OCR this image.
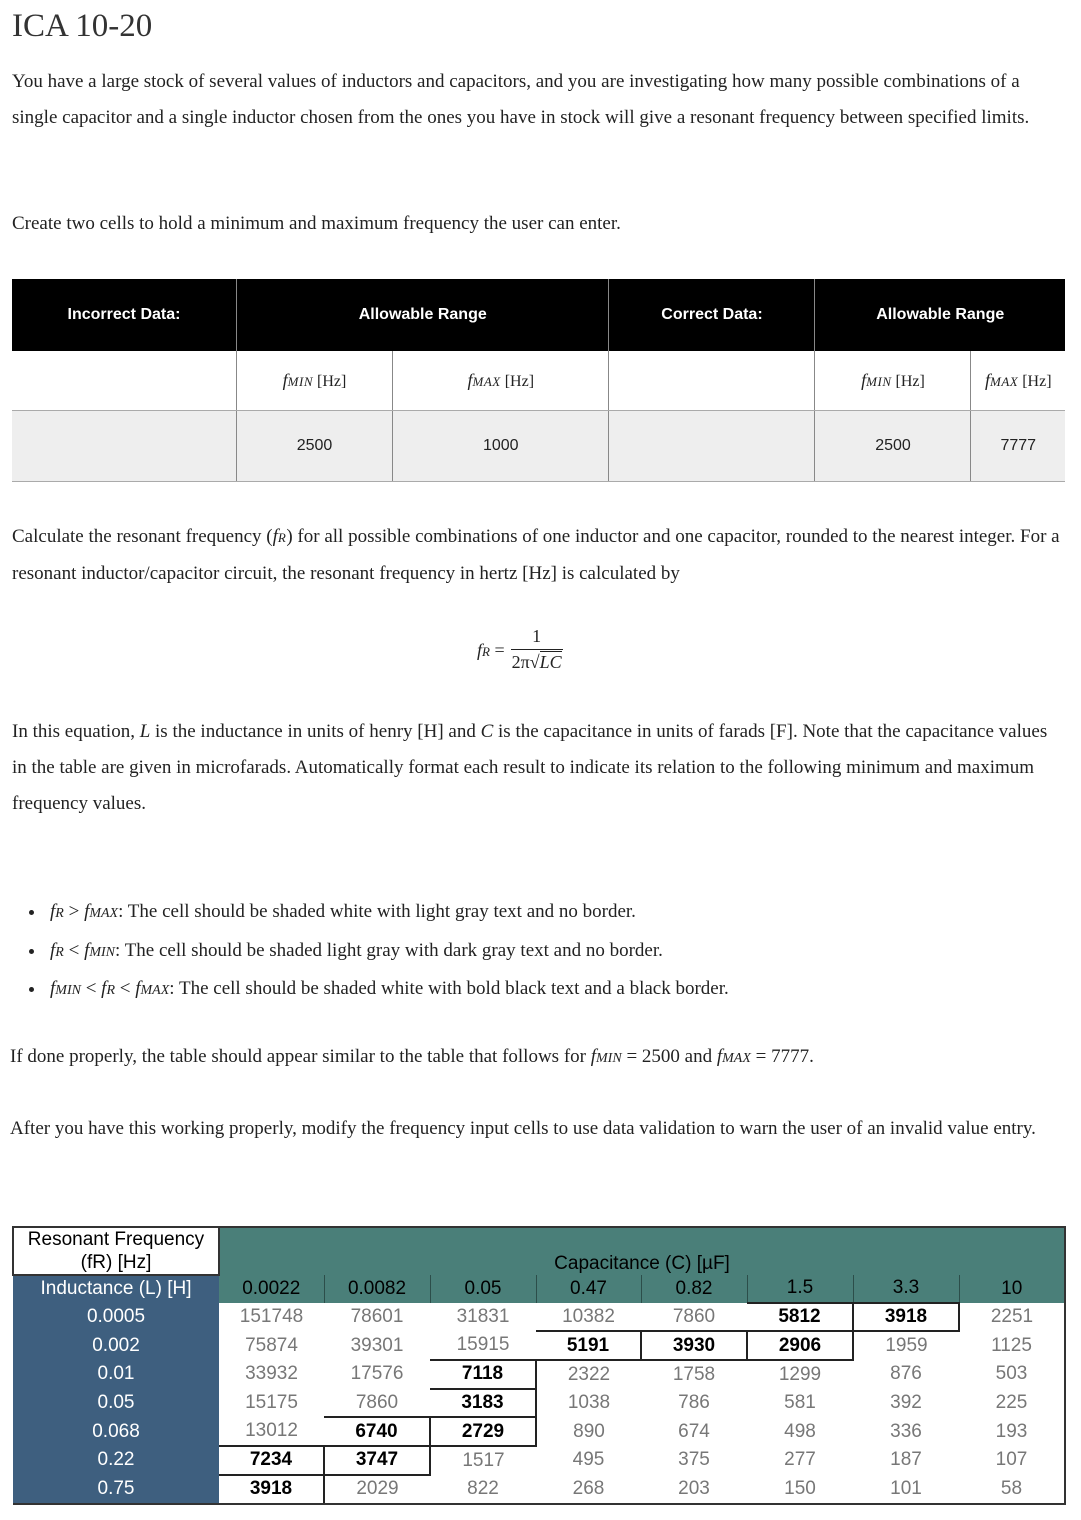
ICA 10-20
You have a large stock of several values of inductors and capacitors, and you are investigating how many possible combinations of a single capacitor and a single inductor chosen from the ones you have in stock will give a resonant frequency between specified limits.
Create two cells to hold a minimum and maximum frequency the user can enter.
Incorrect Data:	Allowable Range		Correct Data:	Allowable Range	
	fMIN [Hz]	fMAX [Hz]		fMIN [Hz]	fMAX [Hz]
	2500	1000		2500	7777
Calculate the resonant frequency (fR) for all possible combinations of one inductor and one capacitor, rounded to the nearest integer. For a resonant inductor/capacitor circuit, the resonant frequency in hertz [Hz] is calculated by
fR =	1
2π√LC
In this equation, L is the inductance in units of henry [H] and C is the capacitance in units of farads [F]. Note that the capacitance values in the table are given in microfarads. Automatically format each result to indicate its relation to the following minimum and maximum frequency values.
• fR > fMAX: The cell should be shaded white with light gray text and no border.
• fR < fMIN: The cell should be shaded light gray with dark gray text and no border.
• fMIN < fR < fMAX: The cell should be shaded white with bold black text and a black border.
If done properly, the table should appear similar to the table that follows for fMIN = 2500 and fMAX = 7777.
After you have this working properly, modify the frequency input cells to use data validation to warn the user of an invalid value entry.
Resonant Frequency
(fR) [Hz]								

	Capacitance (C) [µF]							
Inductance (L) [H]	0.0022	0.0082	0.05	0.47	0.82	1.5	3.3	10
0.0005	151748	78601	31831	10382	7860	5812	3918	2251
0.002	75874	39301	15915	5191	3930	2906	1959	1125
0.01	33932	17576	7118	2322	1758	1299	876	503
0.05	15175	7860	3183	1038	786	581	392	225
0.068	13012	6740	2729	890	674	498	336	193
0.22	7234	3747	1517	495	375	277	187	107
0.75	3918	2029	822	268	203	150	101	58
